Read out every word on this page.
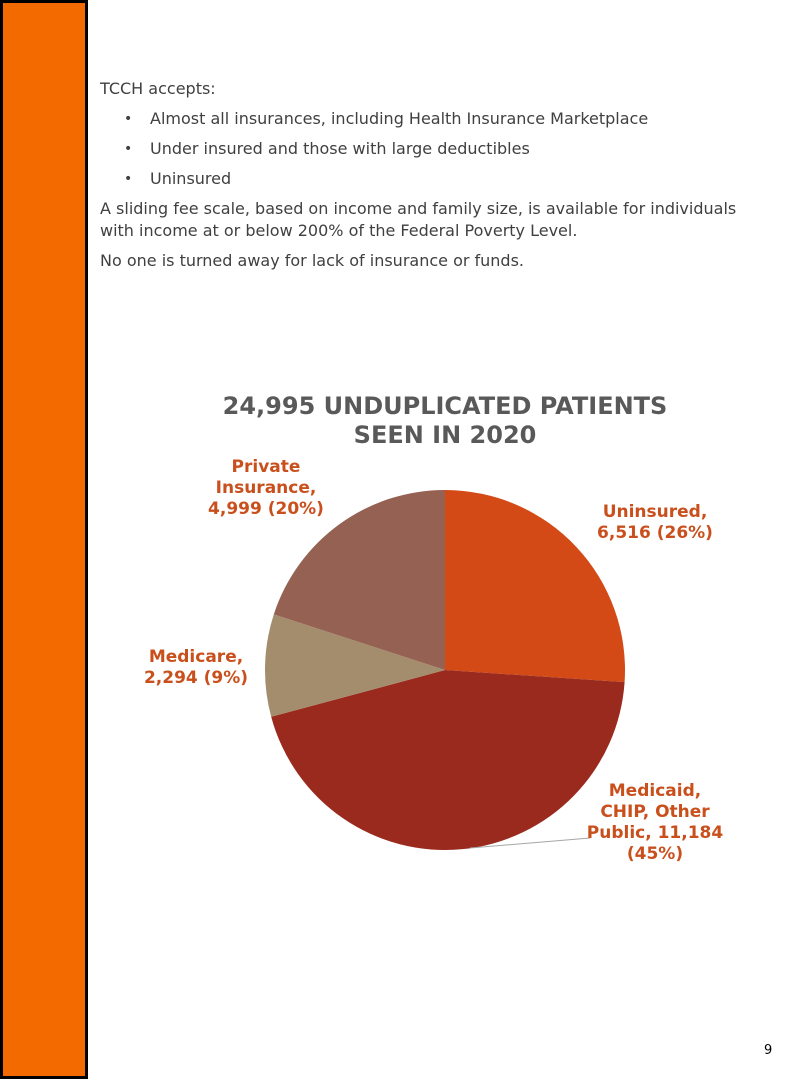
TCCH accepts:

• Almost all insurances, including Health Insurance Marketplace
• Under insured and those with large deductibles
• Uninsured

A sliding fee scale, based on income and family size, is available for individuals with income at or below 200% of the Federal Poverty Level.

No one is turned away for lack of insurance or funds.

24,995 UNDUPLICATED PATIENTS
SEEN IN 2020
Uninsured, 6,516 (26%)
Medicaid, CHIP, Other Public, 11,184 (45%)
Medicare, 2,294 (9%)
Private Insurance, 4,999 (20%)
9
